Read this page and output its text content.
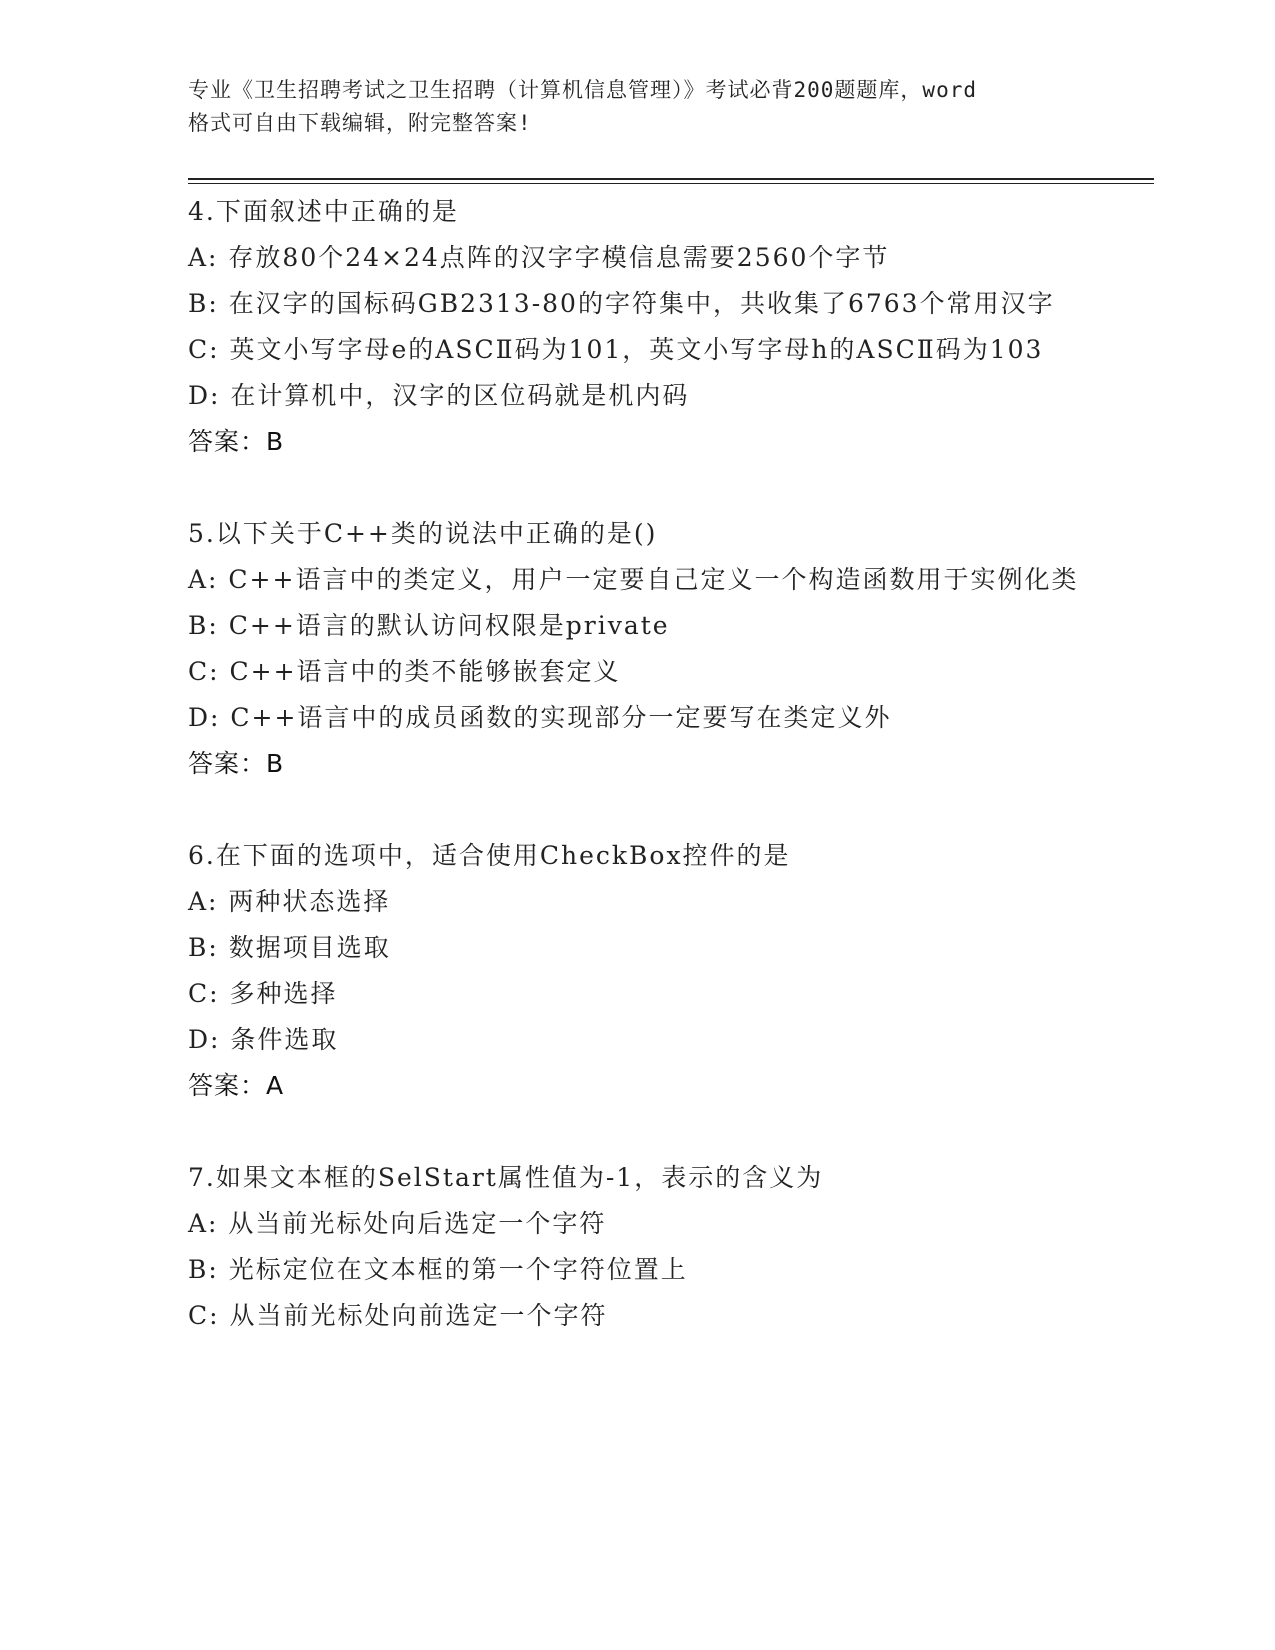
专业《卫生招聘考试之卫生招聘（计算机信息管理）》考试必背200题题库，word
格式可自由下载编辑，附完整答案!
4.下面叙述中正确的是
A: 存放80个24×24点阵的汉字字模信息需要2560个字节
B: 在汉字的国标码GB2313-80的字符集中，共收集了6763个常用汉字
C: 英文小写字母e的ASCⅡ码为101，英文小写字母h的ASCⅡ码为103
D: 在计算机中，汉字的区位码就是机内码
答案：B
5.以下关于C++类的说法中正确的是()
A: C++语言中的类定义，用户一定要自己定义一个构造函数用于实例化类
B: C++语言的默认访问权限是private
C: C++语言中的类不能够嵌套定义
D: C++语言中的成员函数的实现部分一定要写在类定义外
答案：B
6.在下面的选项中，适合使用CheckBox控件的是
A: 两种状态选择
B: 数据项目选取
C: 多种选择
D: 条件选取
答案：A
7.如果文本框的SelStart属性值为-1，表示的含义为
A: 从当前光标处向后选定一个字符
B: 光标定位在文本框的第一个字符位置上
C: 从当前光标处向前选定一个字符
